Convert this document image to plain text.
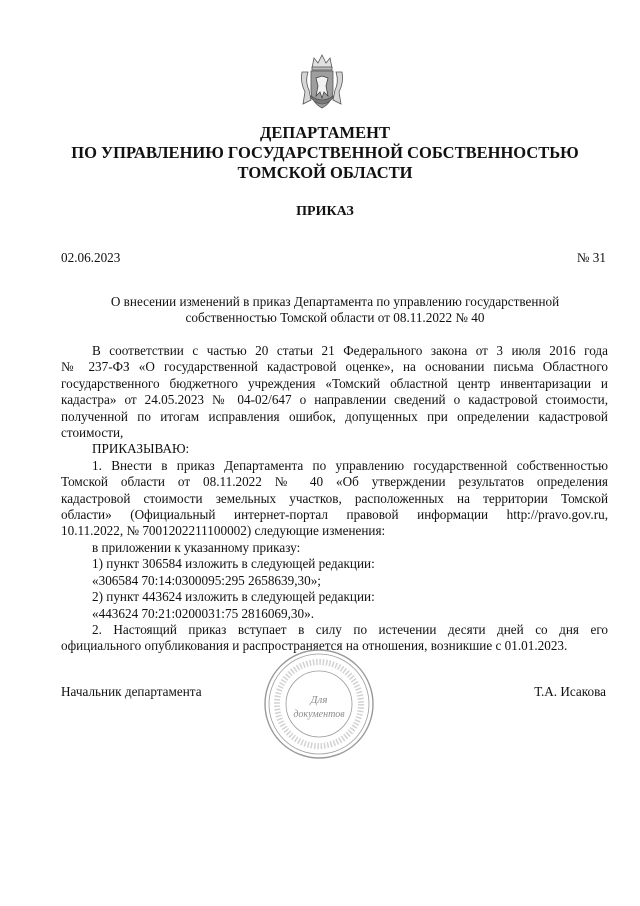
ДЕПАРТАМЕНТ
ПО УПРАВЛЕНИЮ ГОСУДАРСТВЕННОЙ СОБСТВЕННОСТЬЮ
ТОМСКОЙ ОБЛАСТИ
ПРИКАЗ
02.06.2023	№ 31
О внесении изменений в приказ Департамента по управлению государственной
собственностью Томской области от 08.11.2022 № 40

В соответствии с частью 20 статьи 21 Федерального закона от 3 июля 2016 года

№ 237-ФЗ «О государственной кадастровой оценке», на основании письма Областного

государственного бюджетного учреждения «Томский областной центр инвентаризации и

кадастра» от 24.05.2023 № 04-02/647 о направлении сведений о кадастровой стоимости,

полученной по итогам исправления ошибок, допущенных при определении кадастровой

стоимости,

ПРИКАЗЫВАЮ:

1. Внести в приказ Департамента по управлению государственной собственностью

Томской области от 08.11.2022 № 40 «Об утверждении результатов определения

кадастровой стоимости земельных участков, расположенных на территории Томской

области» (Официальный интернет-портал правовой информации http://pravo.gov.ru,

10.11.2022, № 7001202211100002) следующие изменения:

в приложении к указанному приказу:

1) пункт 306584 изложить в следующей редакции:

«306584 70:14:0300095:295 2658639,30»;

2) пункт 443624 изложить в следующей редакции:

«443624 70:21:0200031:75 2816069,30».

2. Настоящий приказ вступает в силу по истечении десяти дней со дня его

официального опубликования и распространяется на отношения, возникшие с 01.01.2023.

Начальник департамента	Т.А. Исакова
Для
документов
